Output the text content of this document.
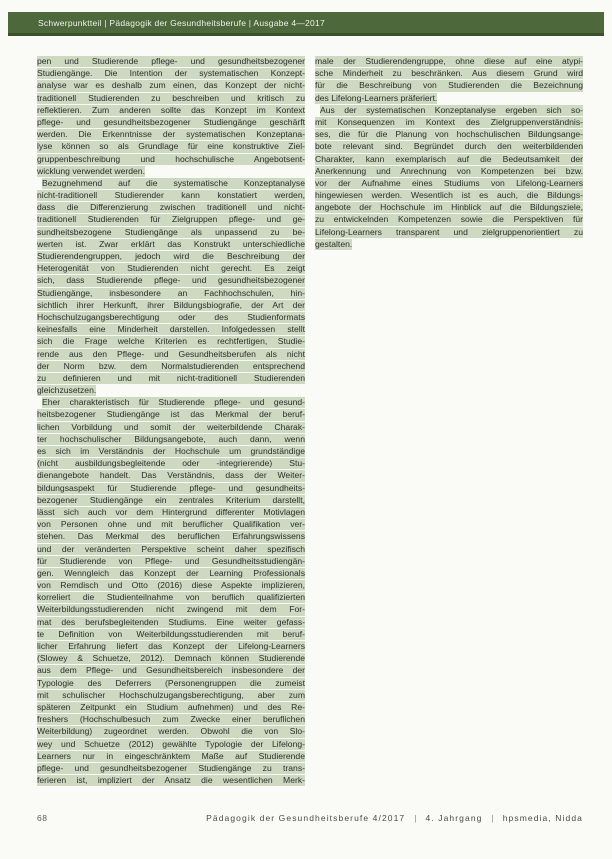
Schwerpunktteil | Pädagogik der Gesundheitsberufe | Ausgabe 4—2017
pen und Studierende pflege- und gesundheitsbezogener
Studiengänge. Die Intention der systematischen Konzept-
analyse war es deshalb zum einen, das Konzept der nicht-
traditionell Studierenden zu beschreiben und kritisch zu
reflektieren. Zum anderen sollte das Konzept im Kontext
pflege- und gesundheitsbezogener Studiengänge geschärft
werden. Die Erkenntnisse der systematischen Konzeptana-
lyse können so als Grundlage für eine konstruktive Ziel-
gruppenbeschreibung und hochschulische Angebotsent-
wicklung verwendet werden.
Bezugnehmend auf die systematische Konzeptanalyse
nicht-traditionell Studierender kann konstatiert werden,
dass die Differenzierung zwischen traditionell und nicht-
traditionell Studierenden für Zielgruppen pflege- und ge-
sundheitsbezogene Studiengänge als unpassend zu be-
werten ist. Zwar erklärt das Konstrukt unterschiedliche
Studierendengruppen, jedoch wird die Beschreibung der
Heterogenität von Studierenden nicht gerecht. Es zeigt
sich, dass Studierende pflege- und gesundheitsbezogener
Studiengänge, insbesondere an Fachhochschulen, hin-
sichtlich ihrer Herkunft, ihrer Bildungsbiografie, der Art der
Hochschulzugangsberechtigung oder des Studienformats
keinesfalls eine Minderheit darstellen. Infolgedessen stellt
sich die Frage welche Kriterien es rechtfertigen, Studie-
rende aus den Pflege- und Gesundheitsberufen als nicht
der Norm bzw. dem Normalstudierenden entsprechend
zu definieren und mit nicht-traditionell Studierenden
gleichzusetzen.
Eher charakteristisch für Studierende pflege- und gesund-
heitsbezogener Studiengänge ist das Merkmal der beruf-
lichen Vorbildung und somit der weiterbildende Charak-
ter hochschulischer Bildungsangebote, auch dann, wenn
es sich im Verständnis der Hochschule um grundständige
(nicht ausbildungsbegleitende oder -integrierende) Stu-
dienangebote handelt. Das Verständnis, dass der Weiter-
bildungsaspekt für Studierende pflege- und gesundheits-
bezogener Studiengänge ein zentrales Kriterium darstellt,
lässt sich auch vor dem Hintergrund differenter Motivlagen
von Personen ohne und mit beruflicher Qualifikation ver-
stehen. Das Merkmal des beruflichen Erfahrungswissens
und der veränderten Perspektive scheint daher spezifisch
für Studierende von Pflege- und Gesundheitsstudiengän-
gen. Wenngleich das Konzept der Learning Professionals
von Remdisch und Otto (2016) diese Aspekte implizieren,
korreliert die Studienteilnahme von beruflich qualifizierten
Weiterbildungsstudierenden nicht zwingend mit dem For-
mat des berufsbegleitenden Studiums. Eine weiter gefass-
te Definition von Weiterbildungsstudierenden mit beruf-
licher Erfahrung liefert das Konzept der Lifelong-Learners
(Slowey & Schuetze, 2012). Demnach können Studierende
aus dem Pflege- und Gesundheitsbereich insbesondere der
Typologie des Deferrers (Personengruppen die zumeist
mit schulischer Hochschulzugangsberechtigung, aber zum
späteren Zeitpunkt ein Studium aufnehmen) und des Re-
freshers (Hochschulbesuch zum Zwecke einer beruflichen
Weiterbildung) zugeordnet werden. Obwohl die von Slo-
wey und Schuetze (2012) gewählte Typologie der Lifelong-
Learners nur in eingeschränktem Maße auf Studierende
pflege- und gesundheitsbezogener Studiengänge zu trans-
ferieren ist, impliziert der Ansatz die wesentlichen Merk-
male der Studierendengruppe, ohne diese auf eine atypi-
sche Minderheit zu beschränken. Aus diesem Grund wird
für die Beschreibung von Studierenden die Bezeichnung
des Lifelong-Learners präferiert.
Aus der systematischen Konzeptanalyse ergeben sich so-
mit Konsequenzen im Kontext des Zielgruppenverständnis-
ses, die für die Planung von hochschulischen Bildungsange-
bote relevant sind. Begründet durch den weiterbildenden
Charakter, kann exemplarisch auf die Bedeutsamkeit der
Anerkennung und Anrechnung von Kompetenzen bei bzw.
vor der Aufnahme eines Studiums von Lifelong-Learners
hingewiesen werden. Wesentlich ist es auch, die Bildungs-
angebote der Hochschule im Hinblick auf die Bildungsziele,
zu entwickelnden Kompetenzen sowie die Perspektiven für
Lifelong-Learners transparent und zielgruppenorientiert zu
gestalten.
68	Pädagogik der Gesundheitsberufe 4/2017 | 4. Jahrgang | hpsmedia, Nidda
